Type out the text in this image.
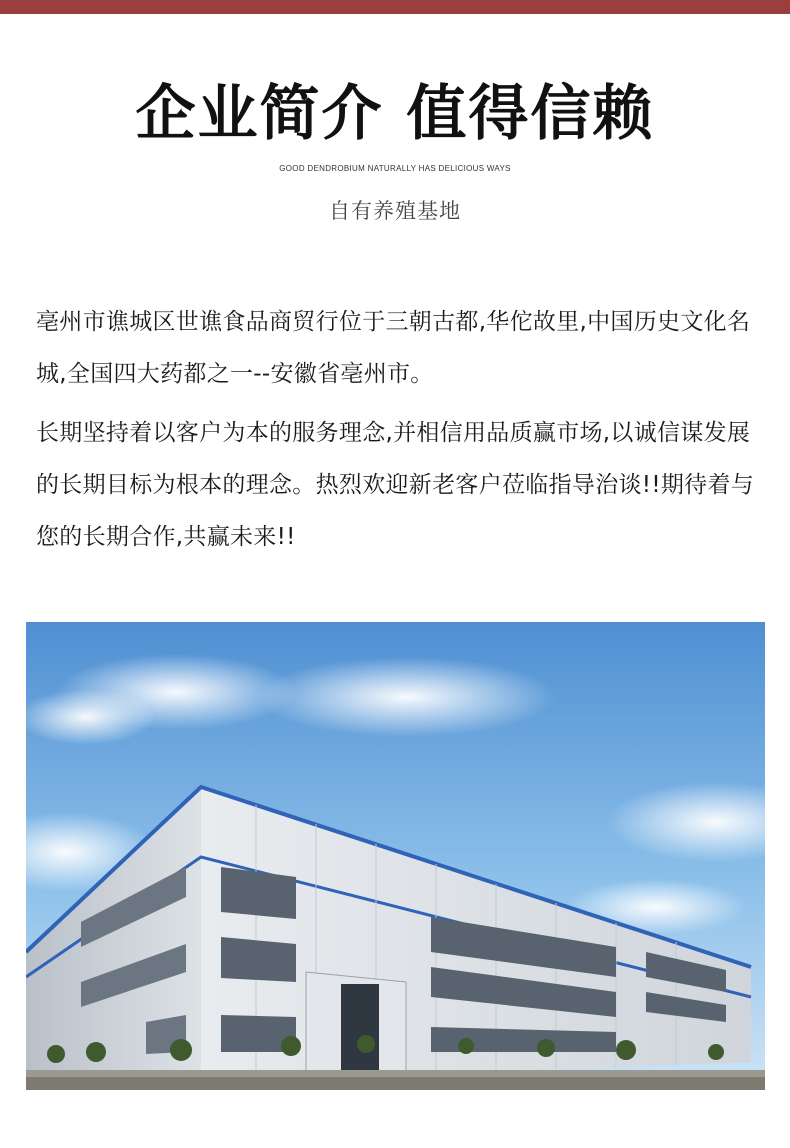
企业简介 值得信赖
GOOD DENDROBIUM NATURALLY HAS DELICIOUS WAYS
自有养殖基地

亳州市谯城区世谯食品商贸行位于三朝古都,华佗故里,中国历史文化名城,全国四大药都之一--安徽省亳州市。

长期坚持着以客户为本的服务理念,并相信用品质赢市场,以诚信谋发展的长期目标为根本的理念。热烈欢迎新老客户莅临指导治谈!!期待着与您的长期合作,共赢未来!!
